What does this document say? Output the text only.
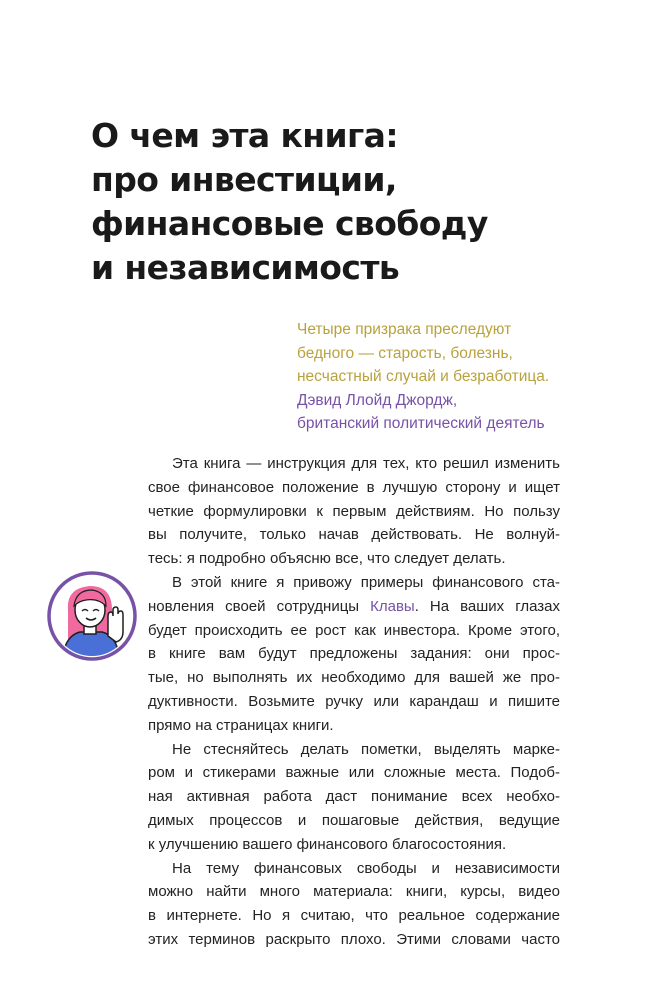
О чем эта книга:
про инвестиции,
финансовые свободу
и независимость
Четыре призрака преследуют
бедного — старость, болезнь,
несчастный случай и безработица.
Дэвид Ллойд Джордж,
британский политический деятель
Эта книга — инструкция для тех, кто решил изменить
свое финансовое положение в лучшую сторону и ищет
четкие формулировки к первым действиям. Но пользу
вы получите, только начав действовать. Не волнуй-
тесь: я подробно объясню все, что следует делать.
В этой книге я привожу примеры финансового ста-
новления своей сотрудницы Клавы. На ваших глазах
будет происходить ее рост как инвестора. Кроме этого,
в книге вам будут предложены задания: они прос-
тые, но выполнять их необходимо для вашей же про-
дуктивности. Возьмите ручку или карандаш и пишите
прямо на страницах книги.
Не стесняйтесь делать пометки, выделять марке-
ром и стикерами важные или сложные места. Подоб-
ная активная работа даст понимание всех необхо-
димых процессов и пошаговые действия, ведущие
к улучшению вашего финансового благосостояния.
На тему финансовых свободы и независимости
можно найти много материала: книги, курсы, видео
в интернете. Но я считаю, что реальное содержание
этих терминов раскрыто плохо. Этими словами часто
